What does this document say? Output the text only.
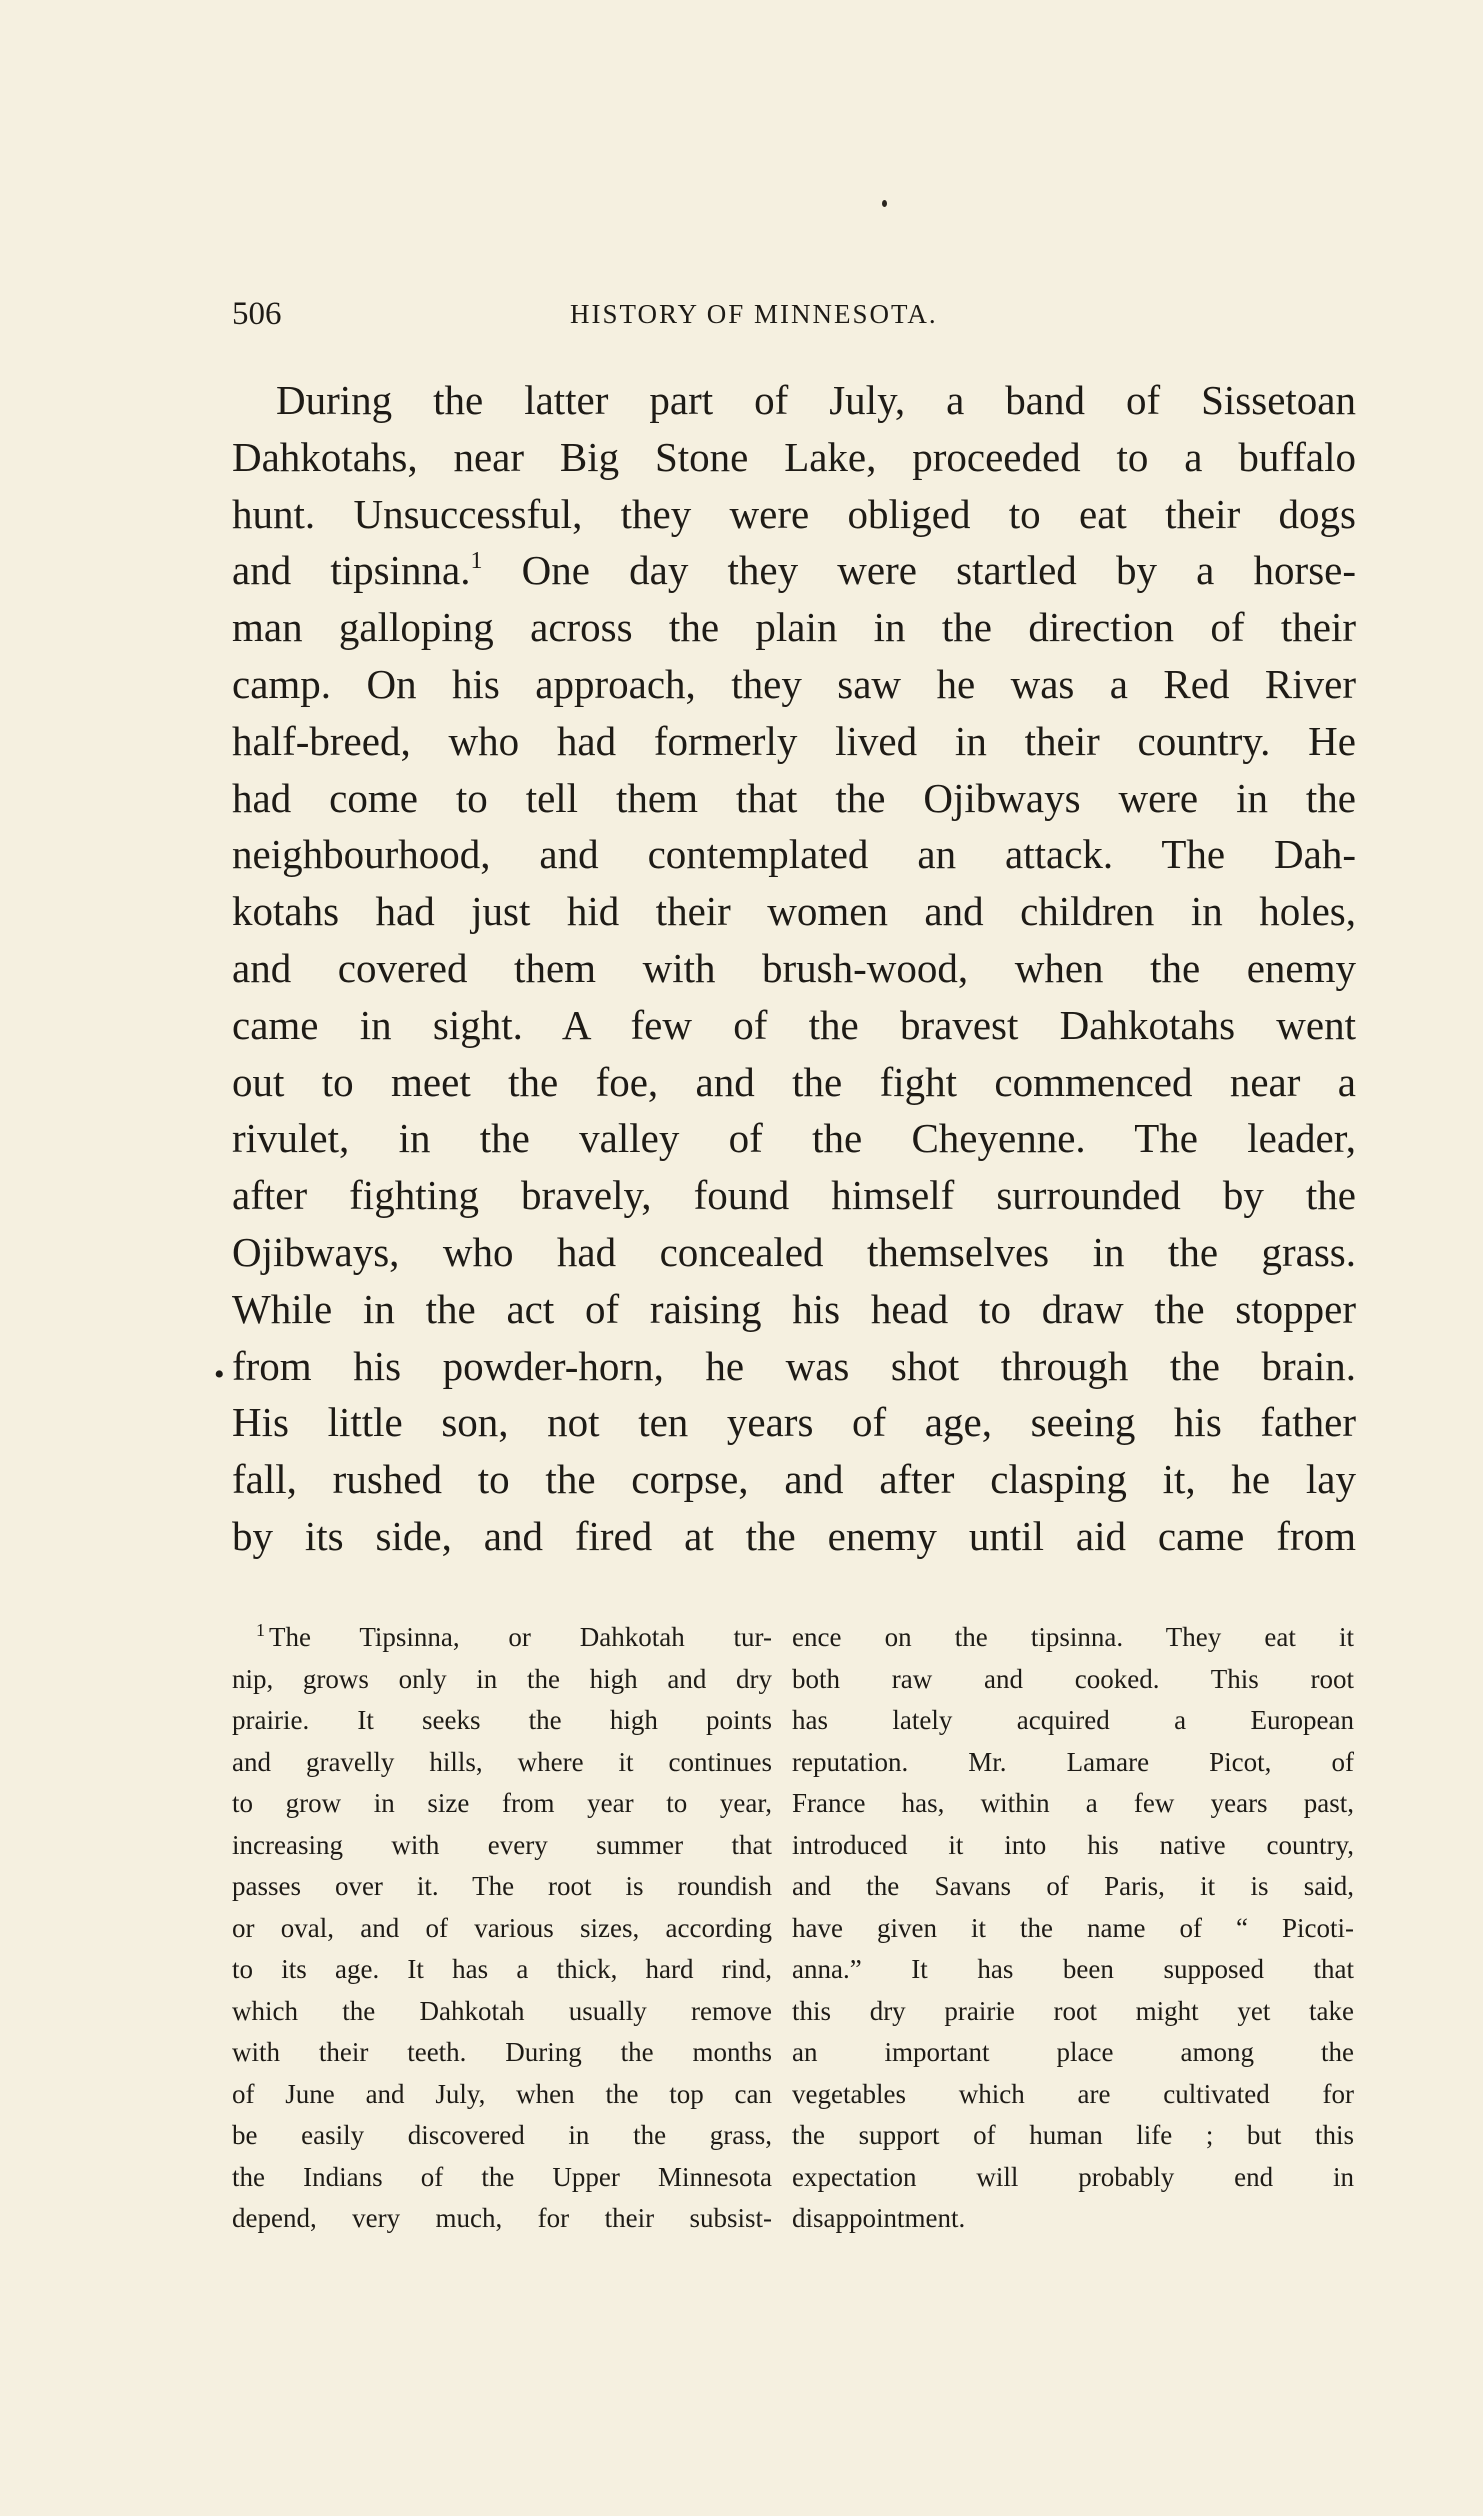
506	HISTORY OF MINNESOTA.
•
During the latter part of July, a band of Sissetoan
Dahkotahs, near Big Stone Lake, proceeded to a buffalo
hunt. Unsuccessful, they were obliged to eat their dogs
and tipsinna.$^1$ One day they were startled by a horse-
man galloping across the plain in the direction of their
camp. On his approach, they saw he was a Red River
half-breed, who had formerly lived in their country. He
had come to tell them that the Ojibways were in the
neighbourhood, and contemplated an attack. The Dah-
kotahs had just hid their women and children in holes,
and covered them with brush-wood, when the enemy
came in sight. A few of the bravest Dahkotahs went
out to meet the foe, and the fight commenced near a
rivulet, in the valley of the Cheyenne. The leader,
after fighting bravely, found himself surrounded by the
Ojibways, who had concealed themselves in the grass.
While in the act of raising his head to draw the stopper
from his powder-horn, he was shot through the brain.
His little son, not ten years of age, seeing his father
fall, rushed to the corpse, and after clasping it, he lay
by its side, and fired at the enemy until aid came from
$^1$ The Tipsinna, or Dahkotah tur-
nip, grows only in the high and dry
prairie. It seeks the high points
and gravelly hills, where it continues
to grow in size from year to year,
increasing with every summer that
passes over it. The root is roundish
or oval, and of various sizes, according
to its age. It has a thick, hard rind,
which the Dahkotah usually remove
with their teeth. During the months
of June and July, when the top can
be easily discovered in the grass,
the Indians of the Upper Minnesota
depend, very much, for their subsist-
ence on the tipsinna. They eat it
both raw and cooked. This root
has lately acquired a European
reputation. Mr. Lamare Picot, of
France has, within a few years past,
introduced it into his native country,
and the Savans of Paris, it is said,
have given it the name of “ Picoti-
anna.” It has been supposed that
this dry prairie root might yet take
an important place among the
vegetables which are cultivated for
the support of human life ; but this
expectation will probably end in
disappointment.
